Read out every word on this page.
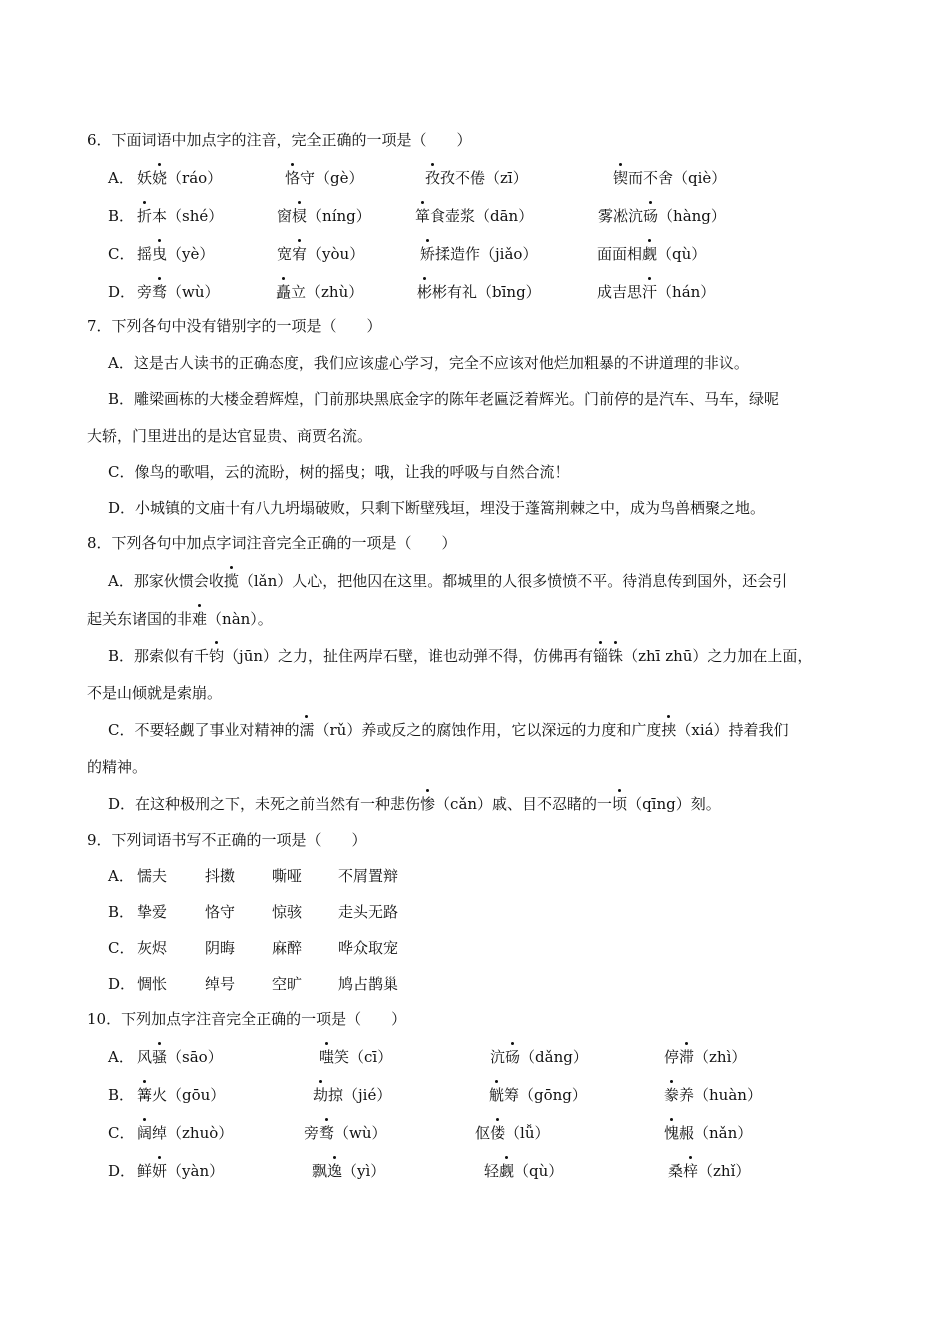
6．下面词语中加点字的注音，完全正确的一项是（　　）
A． 妖娆（ráo）	恪守（gè）	孜孜不倦（zī）	锲而不舍（qiè）
B． 折本（shé）	窗棂（níng）	箪食壶浆（dān）	雾凇沆砀（hàng）
C． 摇曳（yè）	宽宥（yòu）	矫揉造作（jiǎo）	面面相觑（qù）
D． 旁骛（wù）	矗立（zhù）	彬彬有礼（bīng）	成吉思汗（hán）
7．下列各句中没有错别字的一项是（　　）
A．这是古人读书的正确态度，我们应该虚心学习，完全不应该对他烂加粗暴的不讲道理的非议。
B．雕梁画栋的大楼金碧辉煌，门前那块黑底金字的陈年老匾泛着辉光。门前停的是汽车、马车，绿呢
大轿，门里进出的是达官显贵、商贾名流。
C．像鸟的歌唱，云的流盼，树的摇曳；哦，让我的呼吸与自然合流！
D．小城镇的文庙十有八九坍塌破败，只剩下断壁残垣，埋没于蓬篙荆棘之中，成为鸟兽栖聚之地。
8．下列各句中加点字词注音完全正确的一项是（　　）
A．那家伙惯会收揽（lǎn）人心，把他囚在这里。都城里的人很多愤愤不平。待消息传到国外，还会引
起关东诸国的非难（nàn）。
B．那索似有千钧（jūn）之力，扯住两岸石壁，谁也动弹不得，仿佛再有锱铢（zhī zhū）之力加在上面，
不是山倾就是索崩。
C．不要轻觑了事业对精神的濡（rǔ）养或反之的腐蚀作用，它以深远的力度和广度挟（xiá）持着我们
的精神。
D．在这种极刑之下，未死之前当然有一种悲伤惨（cǎn）戚、目不忍睹的一顷（qīng）刻。
9．下列词语书写不正确的一项是（　　）
A． 懦夫	抖擞 嘶哑 不屑置辩
B． 挚爱	恪守 惊骇 走头无路
C． 灰烬	阴晦 麻醉 哗众取宠
D． 惆怅	绰号 空旷 鸠占鹊巢
10．下列加点字注音完全正确的一项是（　　）
A． 风骚（sāo）	嗤笑（cī）	沆砀（dǎng）	停滞（zhì）
B． 篝火（gōu）	劫掠（jié）	觥筹（gōng）	豢养（huàn）
C． 阔绰（zhuò）	旁骛（wù）	伛偻（lǚ）	愧赧（nǎn）
D． 鲜妍（yàn）	飘逸（yì）	轻觑（qù）	桑梓（zhǐ）
